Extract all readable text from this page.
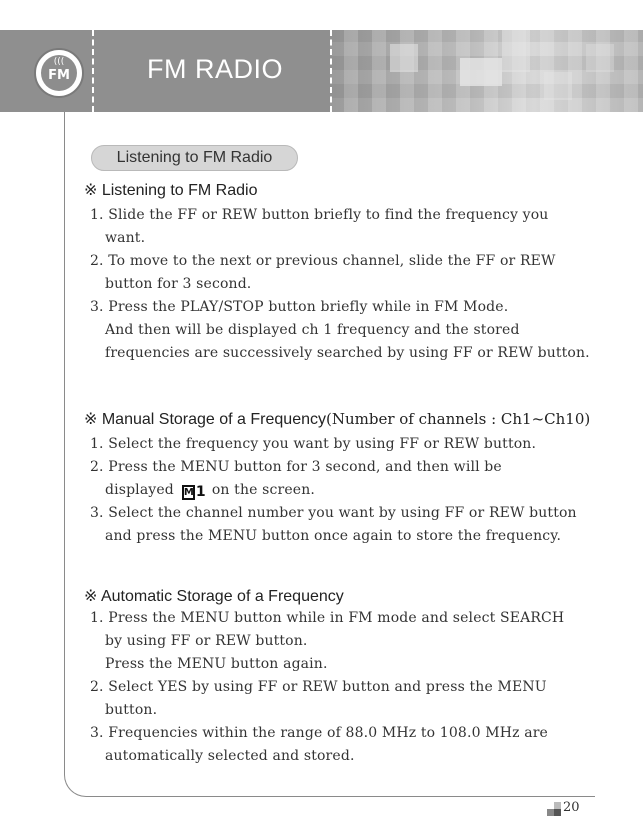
(((
FM	FM RADIO
Listening to FM Radio
※ Listening to FM Radio
1. Slide the FF or REW button briefly to find the frequency you
want.
2. To move to the next or previous channel, slide the FF or REW
button for 3 second.
3. Press the PLAY/STOP button briefly while in FM Mode.
And then will be displayed ch 1 frequency and the stored
frequencies are successively searched by using FF or REW button.
※ Manual Storage of a Frequency(Number of channels : Ch1~Ch10)
1. Select the frequency you want by using FF or REW button.
2. Press the MENU button for 3 second, and then will be
displayed M 1 on the screen.
3. Select the channel number you want by using FF or REW button
and press the MENU button once again to store the frequency.
※ Automatic Storage of a Frequency
1. Press the MENU button while in FM mode and select SEARCH
by using FF or REW button.
Press the MENU button again.
2. Select YES by using FF or REW button and press the MENU
button.
3. Frequencies within the range of 88.0 MHz to 108.0 MHz are
automatically selected and stored.
20
